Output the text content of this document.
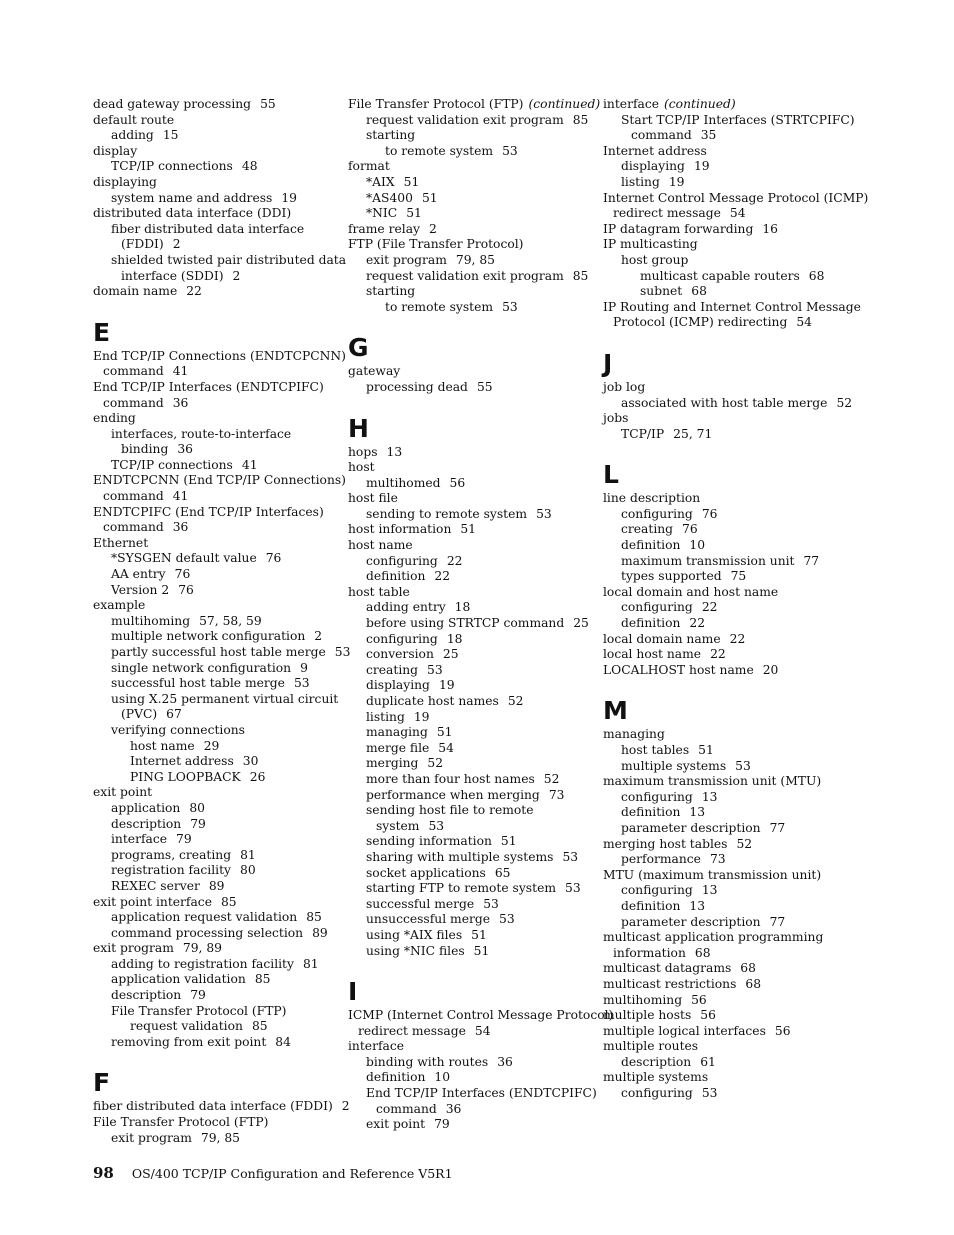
dead gateway processing 55
default route
adding 15
display
TCP/IP connections 48
displaying
system name and address 19
distributed data interface (DDI)
fiber distributed data interface
(FDDI) 2
shielded twisted pair distributed data
interface (SDDI) 2
domain name 22
E
End TCP/IP Connections (ENDTCPCNN)
command 41
End TCP/IP Interfaces (ENDTCPIFC)
command 36
ending
interfaces, route-to-interface
binding 36
TCP/IP connections 41
ENDTCPCNN (End TCP/IP Connections)
command 41
ENDTCPIFC (End TCP/IP Interfaces)
command 36
Ethernet
*SYSGEN default value 76
AA entry 76
Version 2 76
example
multihoming 57, 58, 59
multiple network configuration 2
partly successful host table merge 53
single network configuration 9
successful host table merge 53
using X.25 permanent virtual circuit
(PVC) 67
verifying connections
host name 29
Internet address 30
PING LOOPBACK 26
exit point
application 80
description 79
interface 79
programs, creating 81
registration facility 80
REXEC server 89
exit point interface 85
application request validation 85
command processing selection 89
exit program 79, 89
adding to registration facility 81
application validation 85
description 79
File Transfer Protocol (FTP)
request validation 85
removing from exit point 84
F
fiber distributed data interface (FDDI) 2
File Transfer Protocol (FTP)
exit program 79, 85
File Transfer Protocol (FTP) (continued)
request validation exit program 85
starting
to remote system 53
format
*AIX 51
*AS400 51
*NIC 51
frame relay 2
FTP (File Transfer Protocol)
exit program 79, 85
request validation exit program 85
starting
to remote system 53
G
gateway
processing dead 55
H
hops 13
host
multihomed 56
host file
sending to remote system 53
host information 51
host name
configuring 22
definition 22
host table
adding entry 18
before using STRTCP command 25
configuring 18
conversion 25
creating 53
displaying 19
duplicate host names 52
listing 19
managing 51
merge file 54
merging 52
more than four host names 52
performance when merging 73
sending host file to remote
system 53
sending information 51
sharing with multiple systems 53
socket applications 65
starting FTP to remote system 53
successful merge 53
unsuccessful merge 53
using *AIX files 51
using *NIC files 51
I
ICMP (Internet Control Message Protocol)
redirect message 54
interface
binding with routes 36
definition 10
End TCP/IP Interfaces (ENDTCPIFC)
command 36
exit point 79
interface (continued)
Start TCP/IP Interfaces (STRTCPIFC)
command 35
Internet address
displaying 19
listing 19
Internet Control Message Protocol (ICMP)
redirect message 54
IP datagram forwarding 16
IP multicasting
host group
multicast capable routers 68
subnet 68
IP Routing and Internet Control Message
Protocol (ICMP) redirecting 54
J
job log
associated with host table merge 52
jobs
TCP/IP 25, 71
L
line description
configuring 76
creating 76
definition 10
maximum transmission unit 77
types supported 75
local domain and host name
configuring 22
definition 22
local domain name 22
local host name 22
LOCALHOST host name 20
M
managing
host tables 51
multiple systems 53
maximum transmission unit (MTU)
configuring 13
definition 13
parameter description 77
merging host tables 52
performance 73
MTU (maximum transmission unit)
configuring 13
definition 13
parameter description 77
multicast application programming
information 68
multicast datagrams 68
multicast restrictions 68
multihoming 56
multiple hosts 56
multiple logical interfaces 56
multiple routes
description 61
multiple systems
configuring 53
98 OS/400 TCP/IP Configuration and Reference V5R1
